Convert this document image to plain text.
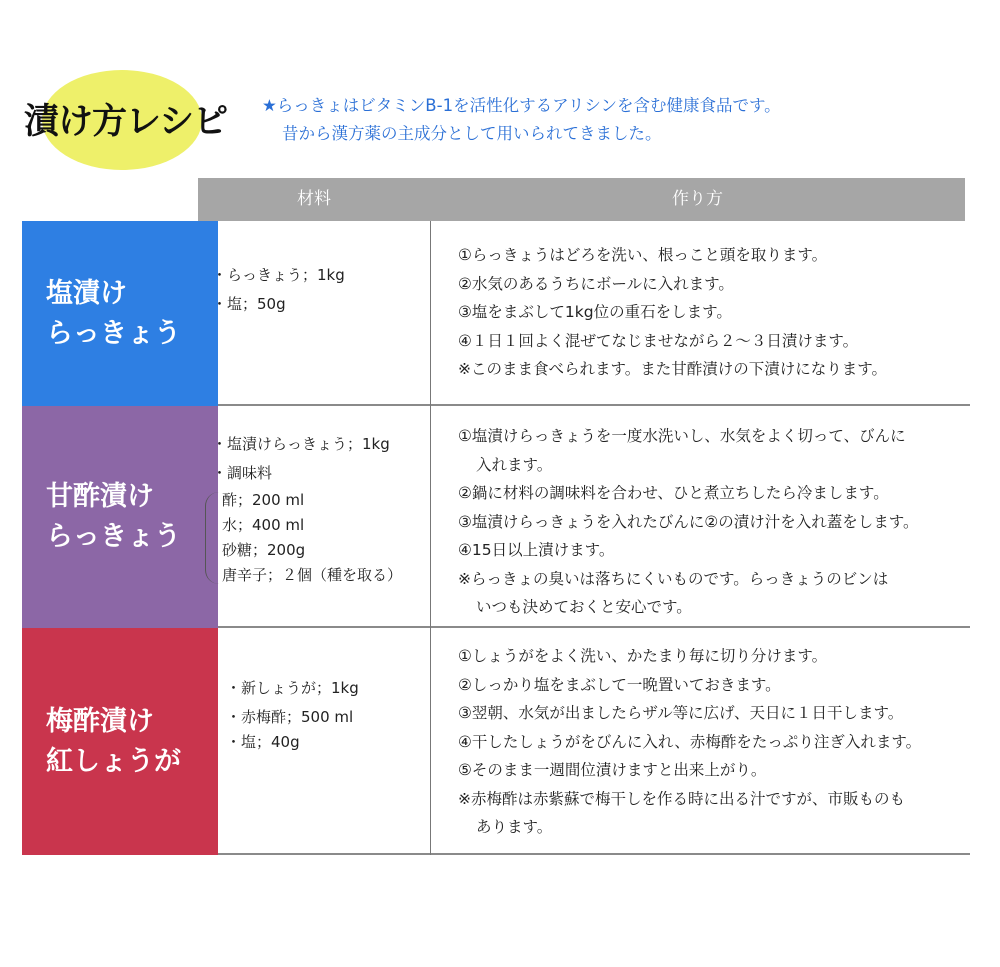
漬け方レシピ ★らっきょはビタミンB-1を活性化するアリシンを含む健康食品です。
昔から漢方薬の主成分として用いられてきました。
材料	作り方
塩漬け
らっきょう
・らっきょう；1kg
・塩；50g
①らっきょうはどろを洗い、根っこと頭を取ります。
②水気のあるうちにボールに入れます。
③塩をまぶして1kg位の重石をします。
④１日１回よく混ぜてなじませながら２～３日漬けます。
※このまま食べられます。また甘酢漬けの下漬けになります。
甘酢漬け
らっきょう
・塩漬けらっきょう；1kg
・調味料
酢；200 ml
水；400 ml
砂糖；200g
唐辛子；２個（種を取る）
①塩漬けらっきょうを一度水洗いし、水気をよく切って、びんに
入れます。
②鍋に材料の調味料を合わせ、ひと煮立ちしたら冷まします。
③塩漬けらっきょうを入れたびんに②の漬け汁を入れ蓋をします。
④15日以上漬けます。
※らっきょの臭いは落ちにくいものです。らっきょうのビンは
いつも決めておくと安心です。
梅酢漬け
紅しょうが
・新しょうが；1kg
・赤梅酢；500 ml
・塩；40g
①しょうがをよく洗い、かたまり毎に切り分けます。
②しっかり塩をまぶして一晩置いておきます。
③翌朝、水気が出ましたらザル等に広げ、天日に１日干します。
④干したしょうがをびんに入れ、赤梅酢をたっぷり注ぎ入れます。
⑤そのまま一週間位漬けますと出来上がり。
※赤梅酢は赤紫蘇で梅干しを作る時に出る汁ですが、市販ものも
あります。
